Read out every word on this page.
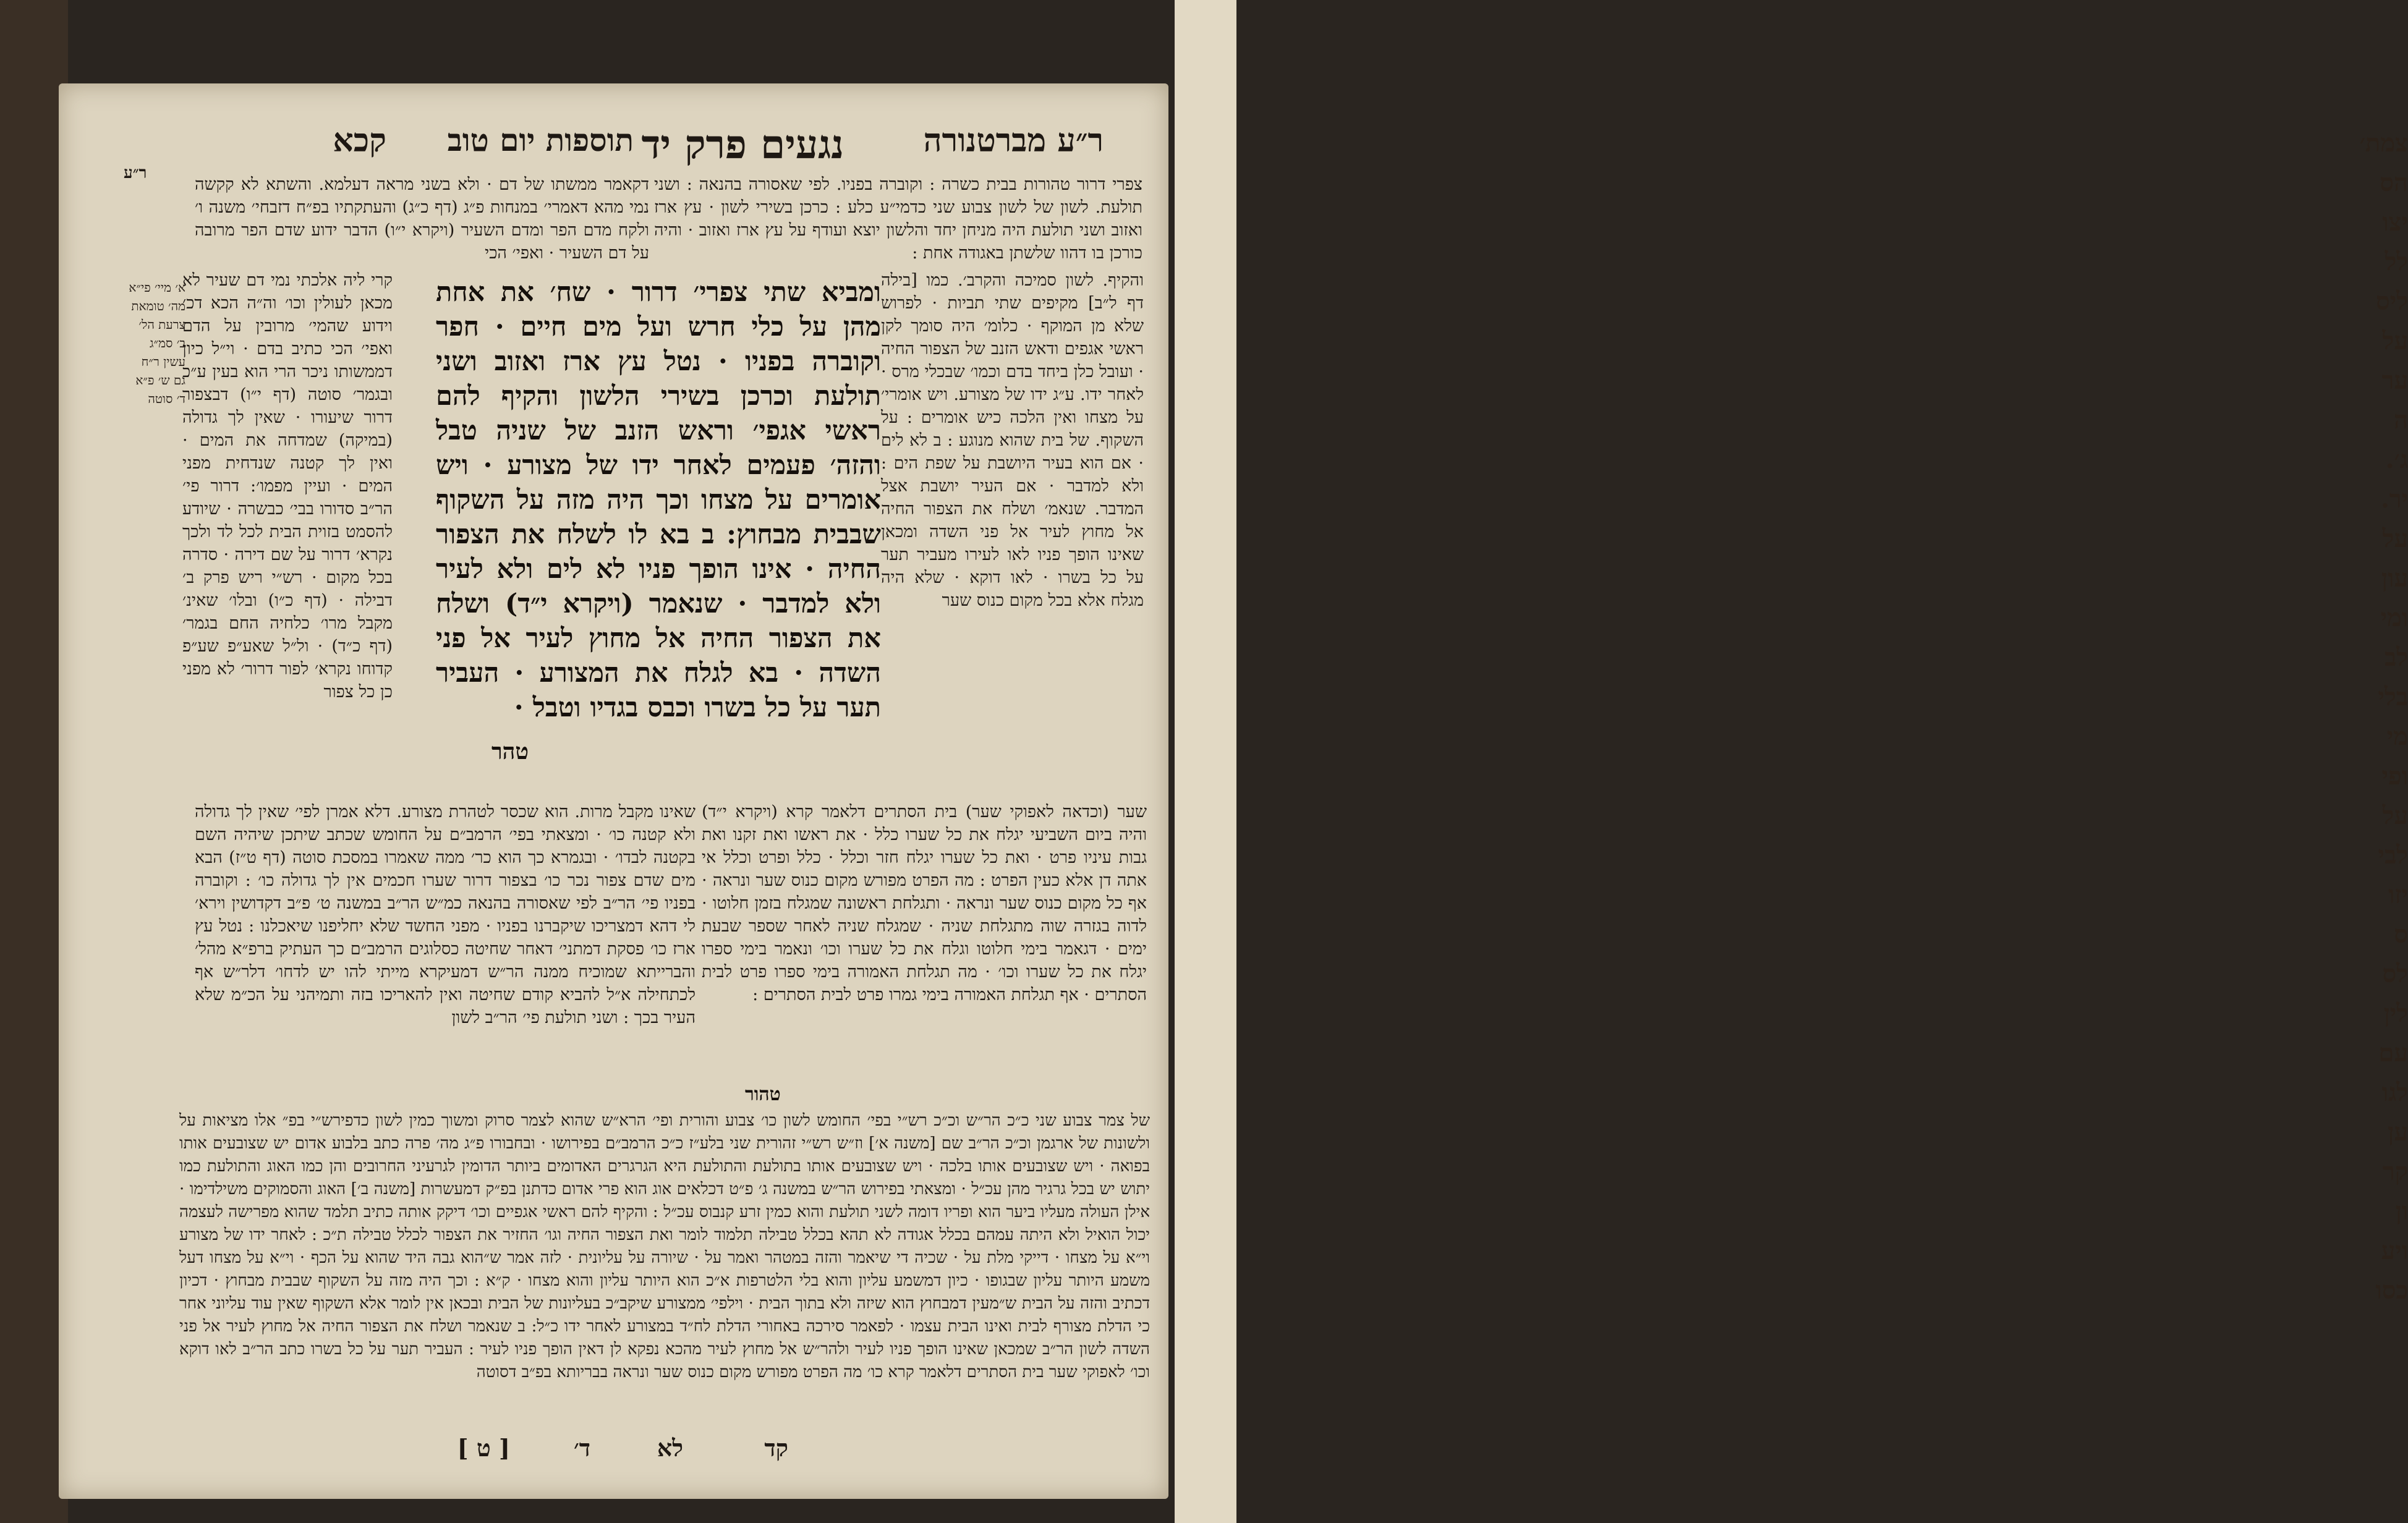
צמת׳
הס
יצו
לל
ליס
על
ער
ה
ג׳.
יר.
על
עון
ומי
לב
בלי
מי
ופי
על
לבי
יזו
ס
לס
לין
עם
לגו
ען
קר
ון
ויע
כסו
ר״ע מברטנורה
נגעים פרק יד
תוספות יום טוב
קכא
ר״ע
צפרי דרור טהורות בבית כשרה : וקוברה בפניו. לפי שאסורה בהנאה : ושני תולעת. לשון של לשון צבוע שני כדמי״ע כלע : כרכן בשירי לשון · עץ ארז ואזוב ושני תולעת היה מניחן יחד והלשון יוצא ועודף על עץ ארז ואזוב · והיה כורכן בו דהוו שלשתן באגודה אחת :
דקאמר ממשתו של דם · ולא בשני מראה דעלמא. והשתא לא קקשה נמי מהא דאמרי׳ במנחות פ״ג (דף כ״ג) והעתקתיו בפ״ח דזבחי׳ משנה ו׳ ולקח מדם הפר ומדם השעיר (ויקרא י״ו) הדבר ידוע שדם הפר מרובה על דם השעיר · ואפי׳ הכי
והקיף. לשון סמיכה והקרב׳. כמו [בילה דף ל״ב] מקיפים שתי תביות · לפרוש שלא מן המוקף · כלומ׳ היה סומך לקן ראשי אגפים ודאש הזנב של הצפור החיה · ועובל כלן ביחד בדם וכמו׳ שבכלי מרס · לאחר ידו. ע״ג ידו של מצורע. ויש אומרי׳ על מצחו ואין הלכה כיש אומרים : על השקוף. של בית שהוא מנוגע : ב לא לים · אם הוא בעיר היושבת על שפת הים : ולא למדבר · אם העיר יושבת אצל המדבר. שנאמ׳ ושלח את הצפור החיה אל מחוץ לעיר אל פני השדה ומכאן שאינו הופך פניו לאו לעירו מעביר תער על כל בשרו · לאו דוקא · שלא היה מגלח אלא בכל מקום כנוס שער
ומביא שתי צפרי׳ דרור · שח׳ את אחת מהן על כלי חרש ועל מים חיים · חפר וקוברה בפניו · נטל עץ ארז ואזוב ושני תולעת וכרכן בשירי הלשון והקיף להם ראשי אגפי׳ וראש הזנב של שניה טבל והזה׳ פעמים לאחר ידו של מצורע · ויש אומרים על מצחו וכך היה מזה על השקוף שבבית מבחוץ: ב בא לו לשלח את הצפור החיה · אינו הופך פניו לא לים ולא לעיר ולא למדבר · שנאמר (ויקרא י״ד) ושלח את הצפור החיה אל מחוץ לעיר אל פני השדה · בא לגלח את המצורע · העביר תער על כל בשרו וכבס בגדיו וטבל ·
טהר
קרי ליה אלכתי נמי דם שעיר לא מכאן לעולין וכו׳ וה״ה הכא דכ׳ וידוע שהמי׳ מרובין על הדם ואפי׳ הכי כתיב בדם · וי״ל כיון דממשותו ניכר הרי הוא בעין ע״כ ובגמר׳ סוטה (דף י״ו) דבצפור דרור שיעורו · שאין לך גדולה (במיקה) שמדחה את המים · ואין לך קטנה שנדחית מפני המים · ועיין מפמו׳: דרור פי׳ הר״ב סדורו בבי׳ כבשרה · שיודע להסמט בזוית הבית לכל לד ולכך נקרא׳ דרור על שם דירה · סדרה בכל מקום · רש״י ריש פרק ב׳ דבילה · (דף כ״ו) ובלו׳ שאינ׳ מקבל מרו׳ כלחיה החם בגמר׳ (דף כ״ד) · ול״ל שאע״פ שע״פ קדוחו נקרא׳ לפור דרור׳ לא מפני כן כל צפור
א׳ מיי׳ פי״א
מה׳ טומאת
צרעת הל׳
ב׳ סמ״ג
עשין ר״ח
גם ש׳ פ״א
ד׳ סוטה
שער (וכדאה לאפוקי שער) בית הסתרים דלאמר קרא (ויקרא י״ד) והיה ביום השביעי יגלח את כל שערו כלל · את ראשו ואת זקנו ואת גבות עיניו פרט · ואת כל שערו יגלח חזר וכלל · כלל ופרט וכלל אי אתה דן אלא כעין הפרט : מה הפרט מפורש מקום כנוס שער ונראה · אף כל מקום כנוס שער ונראה · ותגלחת ראשונה שמגלח בזמן חלוטו · לדוה בגזרה שוה מתגלחת שניה · שמגלח שניה לאחר שספר שבעת ימים · דגאמר בימי חלוטו וגלח את כל שערו וכו׳ ונאמר בימי ספרו יגלח את כל שערו וכו׳ · מה תגלחת האמורה בימי ספרו פרט לבית הסתרים · אף תגלחת האמורה בימי גמרו פרט לבית הסתרים :
טהור
שאינו מקבל מרות. הוא שכסר לטהרת מצורע. דלא אמרן לפי׳ שאין לך גדולה ולא קטנה כו׳ · ומצאתי בפי׳ הרמב״ם על החומש שכתב שיתכן שיהיה השם בקטנה לבדו׳ · ובגמרא כך הוא כר׳ ממה שאמרו במסכת סוטה (דף ט״ז) הבא מים שדם צפור נכר כו׳ בצפור דרור שערו חכמים אין לך גדולה כו׳ : וקוברה בפניו פי׳ הר״ב לפי שאסורה בהנאה כמ״ש הר״ב במשנה ט׳ פ״ב דקדושין וירא׳ לי דהא דמצריכו שיקברנו בפניו · מפני החשד שלא יחליפנו שיאכלנו : נטל עץ ארז כו׳ פסקת דמתני׳ דאחר שחיטה כסלוגים הרמב״ם כך העתיק ברפ״א מהל׳ והברייתא שמוכיח ממנה הר״ש דמעיקרא מייתי להו יש לדחו׳ דלר״ש אף לכתחילה א״ל להביא קודם שחיטה ואין להאריכו בזה ותמיהני על הכ״מ שלא העיר בכך : ושני תולעת פי׳ הר״ב לשון
של צמר צבוע שני כ״כ הר״ש וכ״כ רש״י בפי׳ החומש לשון כו׳ צבוע והורית ופי׳ הרא״ש שהוא לצמר סרוק ומשוך כמין לשון כדפירש״י בפ״ אלו מציאות על ולשונות של ארגמן וכ״כ הר״ב שם [משנה א׳] וז״ש רש״י זהורית שני בלע״ז כ״כ הרמב״ם בפירושו · ובחבורו פ״ג מה׳ פרה כתב בלבוע אדום יש שצובעים אותו בפואה · ויש שצובעים אותו בלכה · ויש שצובעים אותו בתולעת והתולעת היא הגרגרים האדומים ביותר הדומין לגרעיני החרובים והן כמו האוג והתולעת כמו יתוש יש בכל גרגיר מהן עכ״ל · ומצאתי בפירוש הר״ש במשנה ג׳ פ״ט דכלאים אוג הוא פרי אדום כדתנן בפ״ק דמעשרות [משנה ב׳] האוג והסמוקים משילדימו · אילן העולה מעליו ביער הוא ופריו דומה לשני תולעת והוא כמין זרע קנבוס עכ״ל : והקיף להם ראשי אגפיים וכו׳ דיקק אותה כתיב תלמד שהוא מפרישה לעצמה יכול הואיל ולא היתה עמהם בכלל אגודה לא תהא בכלל טבילה תלמוד לומר ואת הצפור החיה וגו׳ החזיר את הצפור לכלל טבילה ת״כ : לאחר ידו של מצורע וי״א על מצחו · דייקי מלת על · שכיה די שיאמר והזה במטהר ואמר על · שיורה על עליונית · לזה אמר ש״הוא גבה היד שהוא על הכף · וי״א על מצחו דעל משמע היותר עליון שבגופו · כיון דמשמע עליון והוא בלי הלטרפות א״כ הוא היותר עליון והוא מצחו · ק״א : וכך היה מזה על השקוף שבבית מבחוץ · דכיון דכתיב והזה על הבית ש״מעין דמבחוץ הוא שיזה ולא בתוך הבית · וילפי׳ ממצורע שיקב״כ בעליונות של הבית ובכאן אין לומר אלא השקוף שאין עוד עליוני אחר כי הדלת מצורף לבית ואינו הבית עצמו · לפאמר סירכה באחורי הדלת לח״ד במצורע לאחר ידו כ״ל: ב שנאמר ושלח את הצפור החיה אל מחוץ לעיר אל פני השדה לשון הר״ב שמכאן שאינו הופך פניו לעיר ולהר״ש אל מחוץ לעיר מהכא נפקא לן דאין הופך פניו לעיר : העביר תער על כל בשרו כתב הר״ב לאו דוקא וכו׳ לאפוקי שער בית הסתרים דלאמר קרא כו׳ מה הפרט מפורש מקום כנוס שער ונראה בבריותא בפ״ב דסוטה
קד
לא
ד׳
[ ט ]
